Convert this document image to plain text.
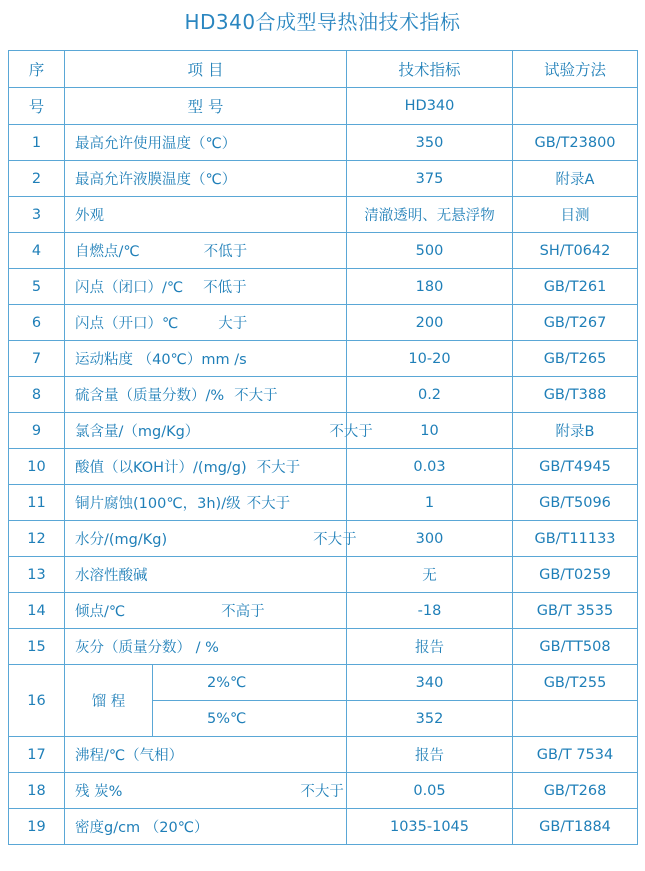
HD340合成型导热油技术指标
序	项 目		技术指标	试验方法
号	型 号		HD340	
1	最高允许使用温度（℃）		350	GB/T23800
2	最高允许液膜温度（℃）		375	附录A
3	外观		清澈透明、无悬浮物	目测
4	自燃点/℃ 不低于		500	SH/T0642
5	闪点（闭口）/℃ 不低于		180	GB/T261
6	闪点（开口）℃ 大于		200	GB/T267
7	运动粘度 （40℃）mm /s		10-20	GB/T265
8	硫含量（质量分数）/% 不大于		0.2	GB/T388
9	氯含量/（mg/Kg） 不大于		10	附录B
10	酸值（以KOH计）/(mg/g) 不大于		0.03	GB/T4945
11	铜片腐蚀(100℃，3h)/级 不大于		1	GB/T5096
12	水分/(mg/Kg) 不大于		300	GB/T11133
13	水溶性酸碱		无	GB/T0259
14	倾点/℃ 不高于		-18	GB/T 3535
15	灰分（质量分数） / %		报告	GB/TT508
16	馏 程	2%℃	340	GB/T255
		5%℃	352	
17	沸程/℃（气相）		报告	GB/T 7534
18	残 炭% 不大于		0.05	GB/T268
19	密度g/cm （20℃）		1035-1045	GB/T1884
